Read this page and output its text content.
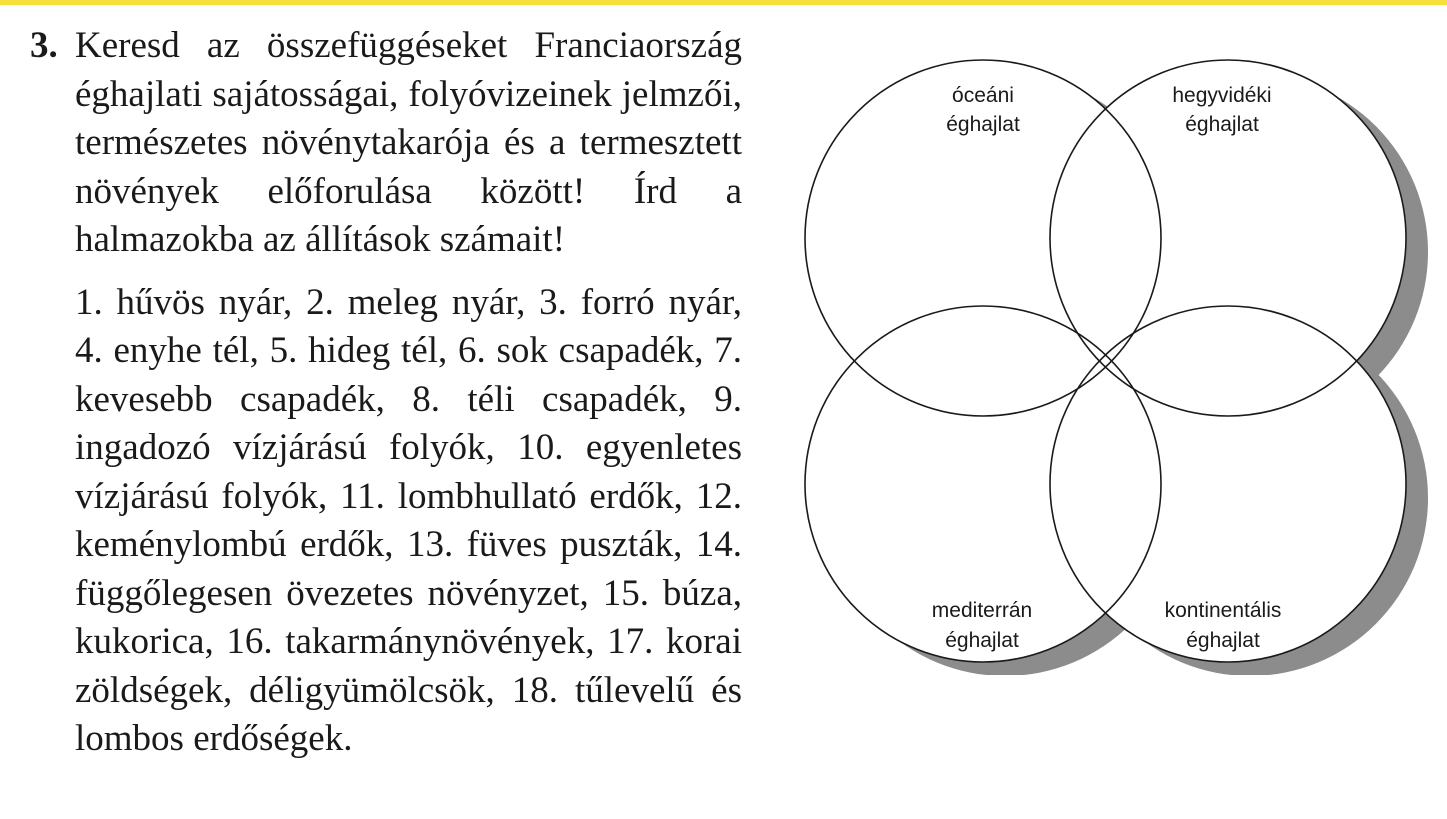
3. Keresd az összefüggéseket Franciaország éghajlati sajátosságai, folyóvizeinek jelmzői, természetes növénytakarója és a termesztett növények előforulása között! Írd a halmazokba az állítások számait!
1. hűvös nyár, 2. meleg nyár, 3. forró nyár, 4. enyhe tél, 5. hideg tél, 6. sok csapadék, 7. kevesebb csapadék, 8. téli csapadék, 9. ingadozó vízjárású folyók, 10. egyenletes vízjárású folyók, 11. lombhullató erdők, 12. keménylombú erdők, 13. füves puszták, 14. függőlegesen övezetes növényzet, 15. búza, kukorica, 16. takarmánynövények, 17. korai zöldségek, déligyümölcsök, 18. tűlevelű és lombos erdőségek.
óceáni
éghajlat
hegyvidéki
éghajlat
mediterrán
éghajlat
kontinentális
éghajlat
